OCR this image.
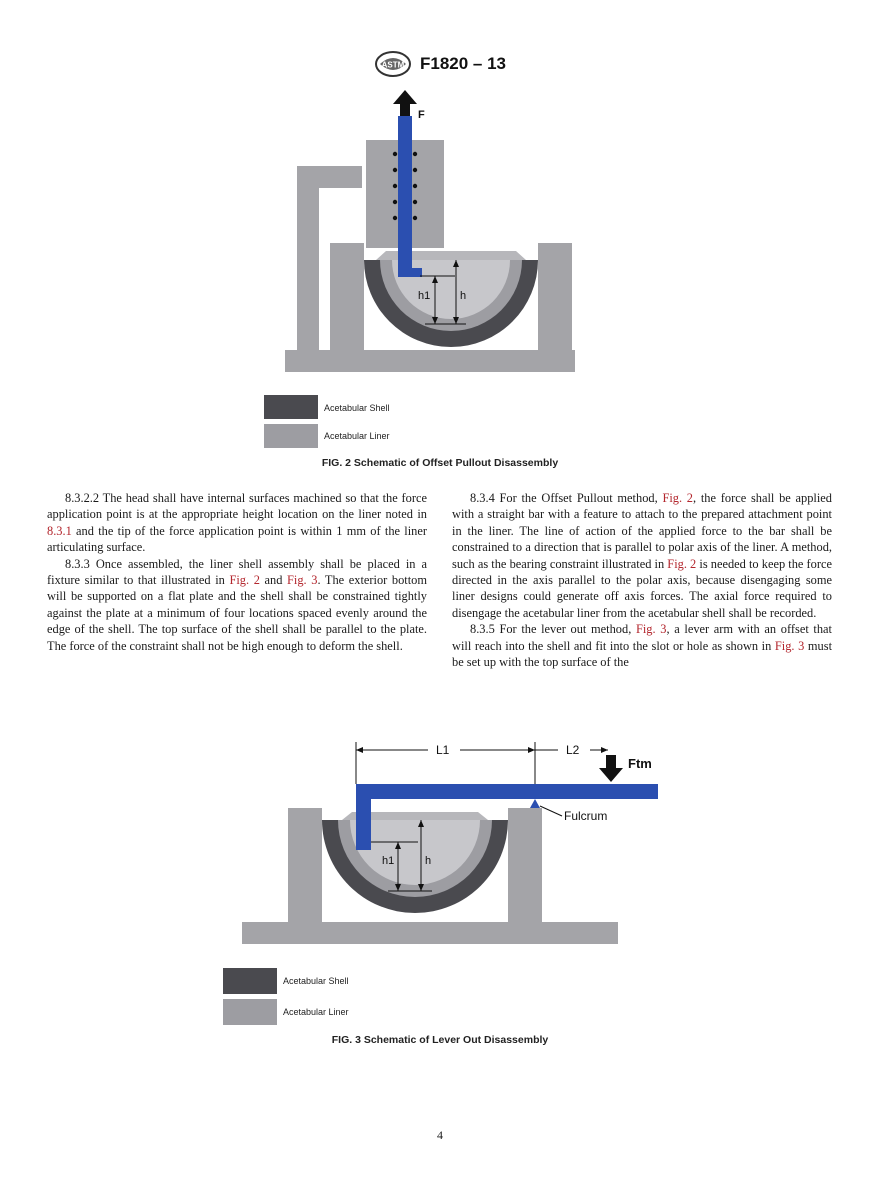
ASTM F1820 – 13
F
h1	h
Acetabular Shell
Acetabular Liner
FIG. 2 Schematic of Offset Pullout Disassembly

8.3.2.2 The head shall have internal surfaces machined so that the force application point is at the appropriate height location on the liner noted in 8.3.1 and the tip of the force application point is within 1 mm of the liner articulating surface.

8.3.3 Once assembled, the liner shell assembly shall be placed in a fixture similar to that illustrated in Fig. 2 and Fig. 3. The exterior bottom will be supported on a flat plate and the shell shall be constrained tightly against the plate at a minimum of four locations spaced evenly around the edge of the shell. The top surface of the shell shall be parallel to the plate. The force of the constraint shall not be high enough to deform the shell.

8.3.4 For the Offset Pullout method, Fig. 2, the force shall be applied with a straight bar with a feature to attach to the prepared attachment point in the liner. The line of action of the applied force to the bar shall be constrained to a direction that is parallel to polar axis of the liner. A method, such as the bearing constraint illustrated in Fig. 2 is needed to keep the force directed in the axis parallel to the polar axis, because disengaging some liner designs could generate off axis forces. The axial force required to disengage the acetabular liner from the acetabular shell shall be recorded.

8.3.5 For the lever out method, Fig. 3, a lever arm with an offset that will reach into the shell and fit into the slot or hole as shown in Fig. 3 must be set up with the top surface of the

Fulcrum
Ftm
L1	L2
h1	h
Acetabular Shell
Acetabular Liner
FIG. 3 Schematic of Lever Out Disassembly
4
